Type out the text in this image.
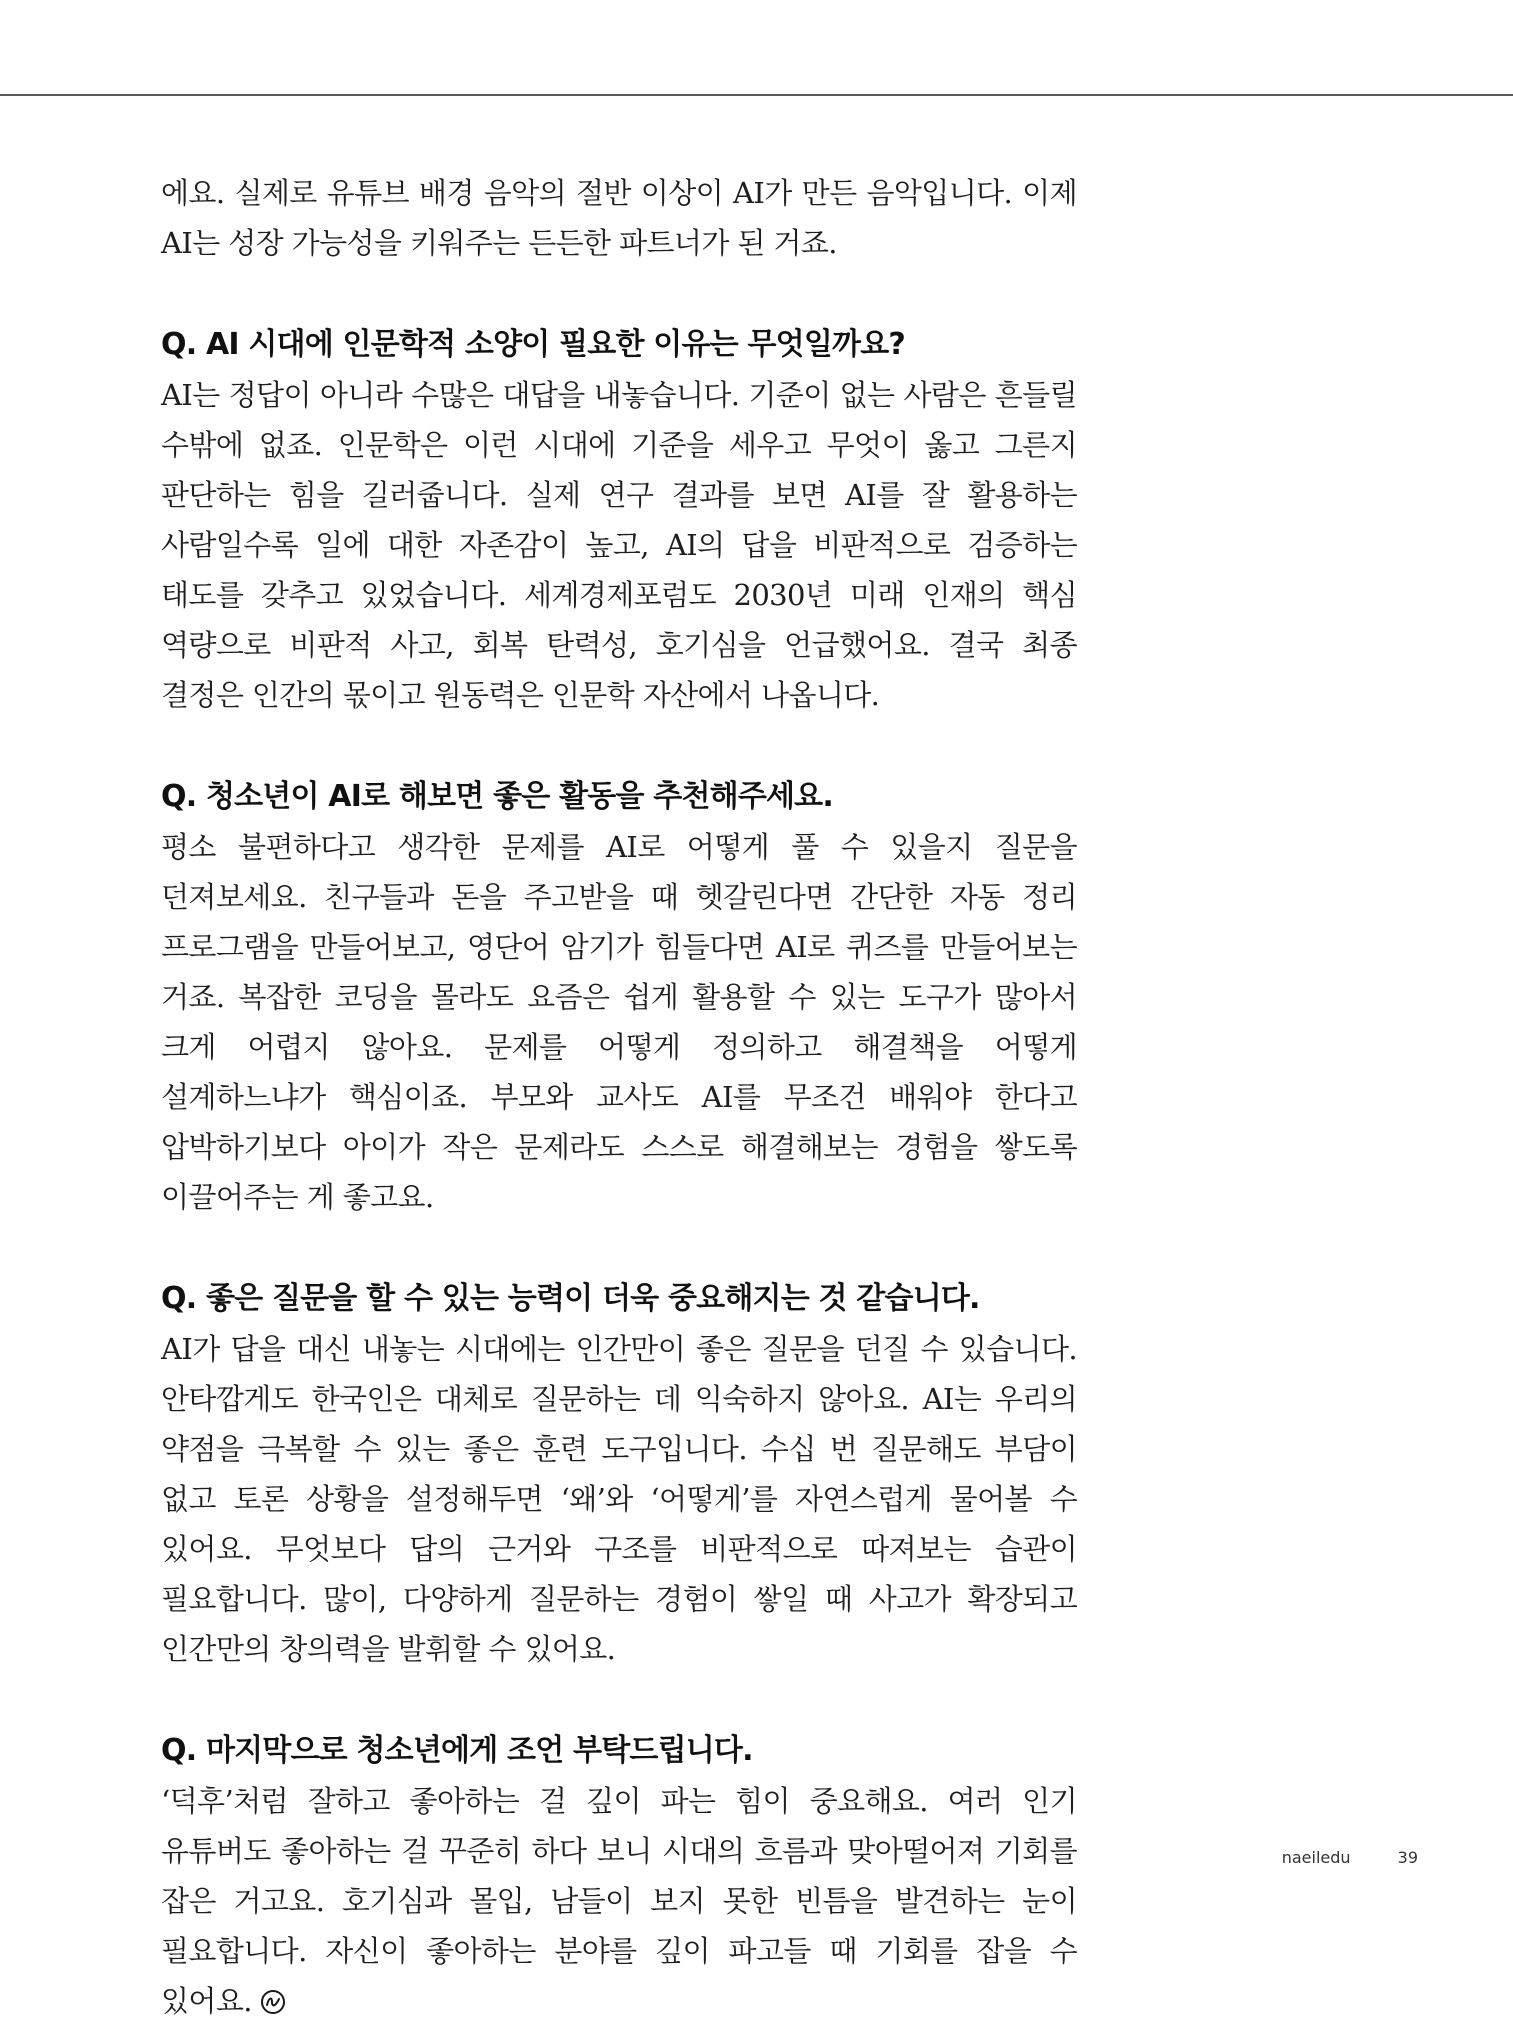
에요. 실제로 유튜브 배경 음악의 절반 이상이 AI가 만든 음악입니다. 이제 AI는 성장 가능성을 키워주는 든든한 파트너가 된 거죠.

Q. AI 시대에 인문학적 소양이 필요한 이유는 무엇일까요?

AI는 정답이 아니라 수많은 대답을 내놓습니다. 기준이 없는 사람은 흔들릴 수밖에 없죠. 인문학은 이런 시대에 기준을 세우고 무엇이 옳고 그른지 판단하는 힘을 길러줍니다. 실제 연구 결과를 보면 AI를 잘 활용하는 사람일수록 일에 대한 자존감이 높고, AI의 답을 비판적으로 검증하는 태도를 갖추고 있었습니다. 세계경제포럼도 2030년 미래 인재의 핵심 역량으로 비판적 사고, 회복 탄력성, 호기심을 언급했어요. 결국 최종 결정은 인간의 몫이고 원동력은 인문학 자산에서 나옵니다.

Q. 청소년이 AI로 해보면 좋은 활동을 추천해주세요.

평소 불편하다고 생각한 문제를 AI로 어떻게 풀 수 있을지 질문을 던져보세요. 친구들과 돈을 주고받을 때 헷갈린다면 간단한 자동 정리 프로그램을 만들어보고, 영단어 암기가 힘들다면 AI로 퀴즈를 만들어보는 거죠. 복잡한 코딩을 몰라도 요즘은 쉽게 활용할 수 있는 도구가 많아서 크게 어렵지 않아요. 문제를 어떻게 정의하고 해결책을 어떻게 설계하느냐가 핵심이죠. 부모와 교사도 AI를 무조건 배워야 한다고 압박하기보다 아이가 작은 문제라도 스스로 해결해보는 경험을 쌓도록 이끌어주는 게 좋고요.

Q. 좋은 질문을 할 수 있는 능력이 더욱 중요해지는 것 같습니다.

AI가 답을 대신 내놓는 시대에는 인간만이 좋은 질문을 던질 수 있습니다. 안타깝게도 한국인은 대체로 질문하는 데 익숙하지 않아요. AI는 우리의 약점을 극복할 수 있는 좋은 훈련 도구입니다. 수십 번 질문해도 부담이 없고 토론 상황을 설정해두면 ‘왜’와 ‘어떻게’를 자연스럽게 물어볼 수 있어요. 무엇보다 답의 근거와 구조를 비판적으로 따져보는 습관이 필요합니다. 많이, 다양하게 질문하는 경험이 쌓일 때 사고가 확장되고 인간만의 창의력을 발휘할 수 있어요.

Q. 마지막으로 청소년에게 조언 부탁드립니다.

‘덕후’처럼 잘하고 좋아하는 걸 깊이 파는 힘이 중요해요. 여러 인기 유튜버도 좋아하는 걸 꾸준히 하다 보니 시대의 흐름과 맞아떨어져 기회를 잡은 거고요. 호기심과 몰입, 남들이 보지 못한 빈틈을 발견하는 눈이 필요합니다. 자신이 좋아하는 분야를 깊이 파고들 때 기회를 잡을 수 있어요.

naeiledu	39
